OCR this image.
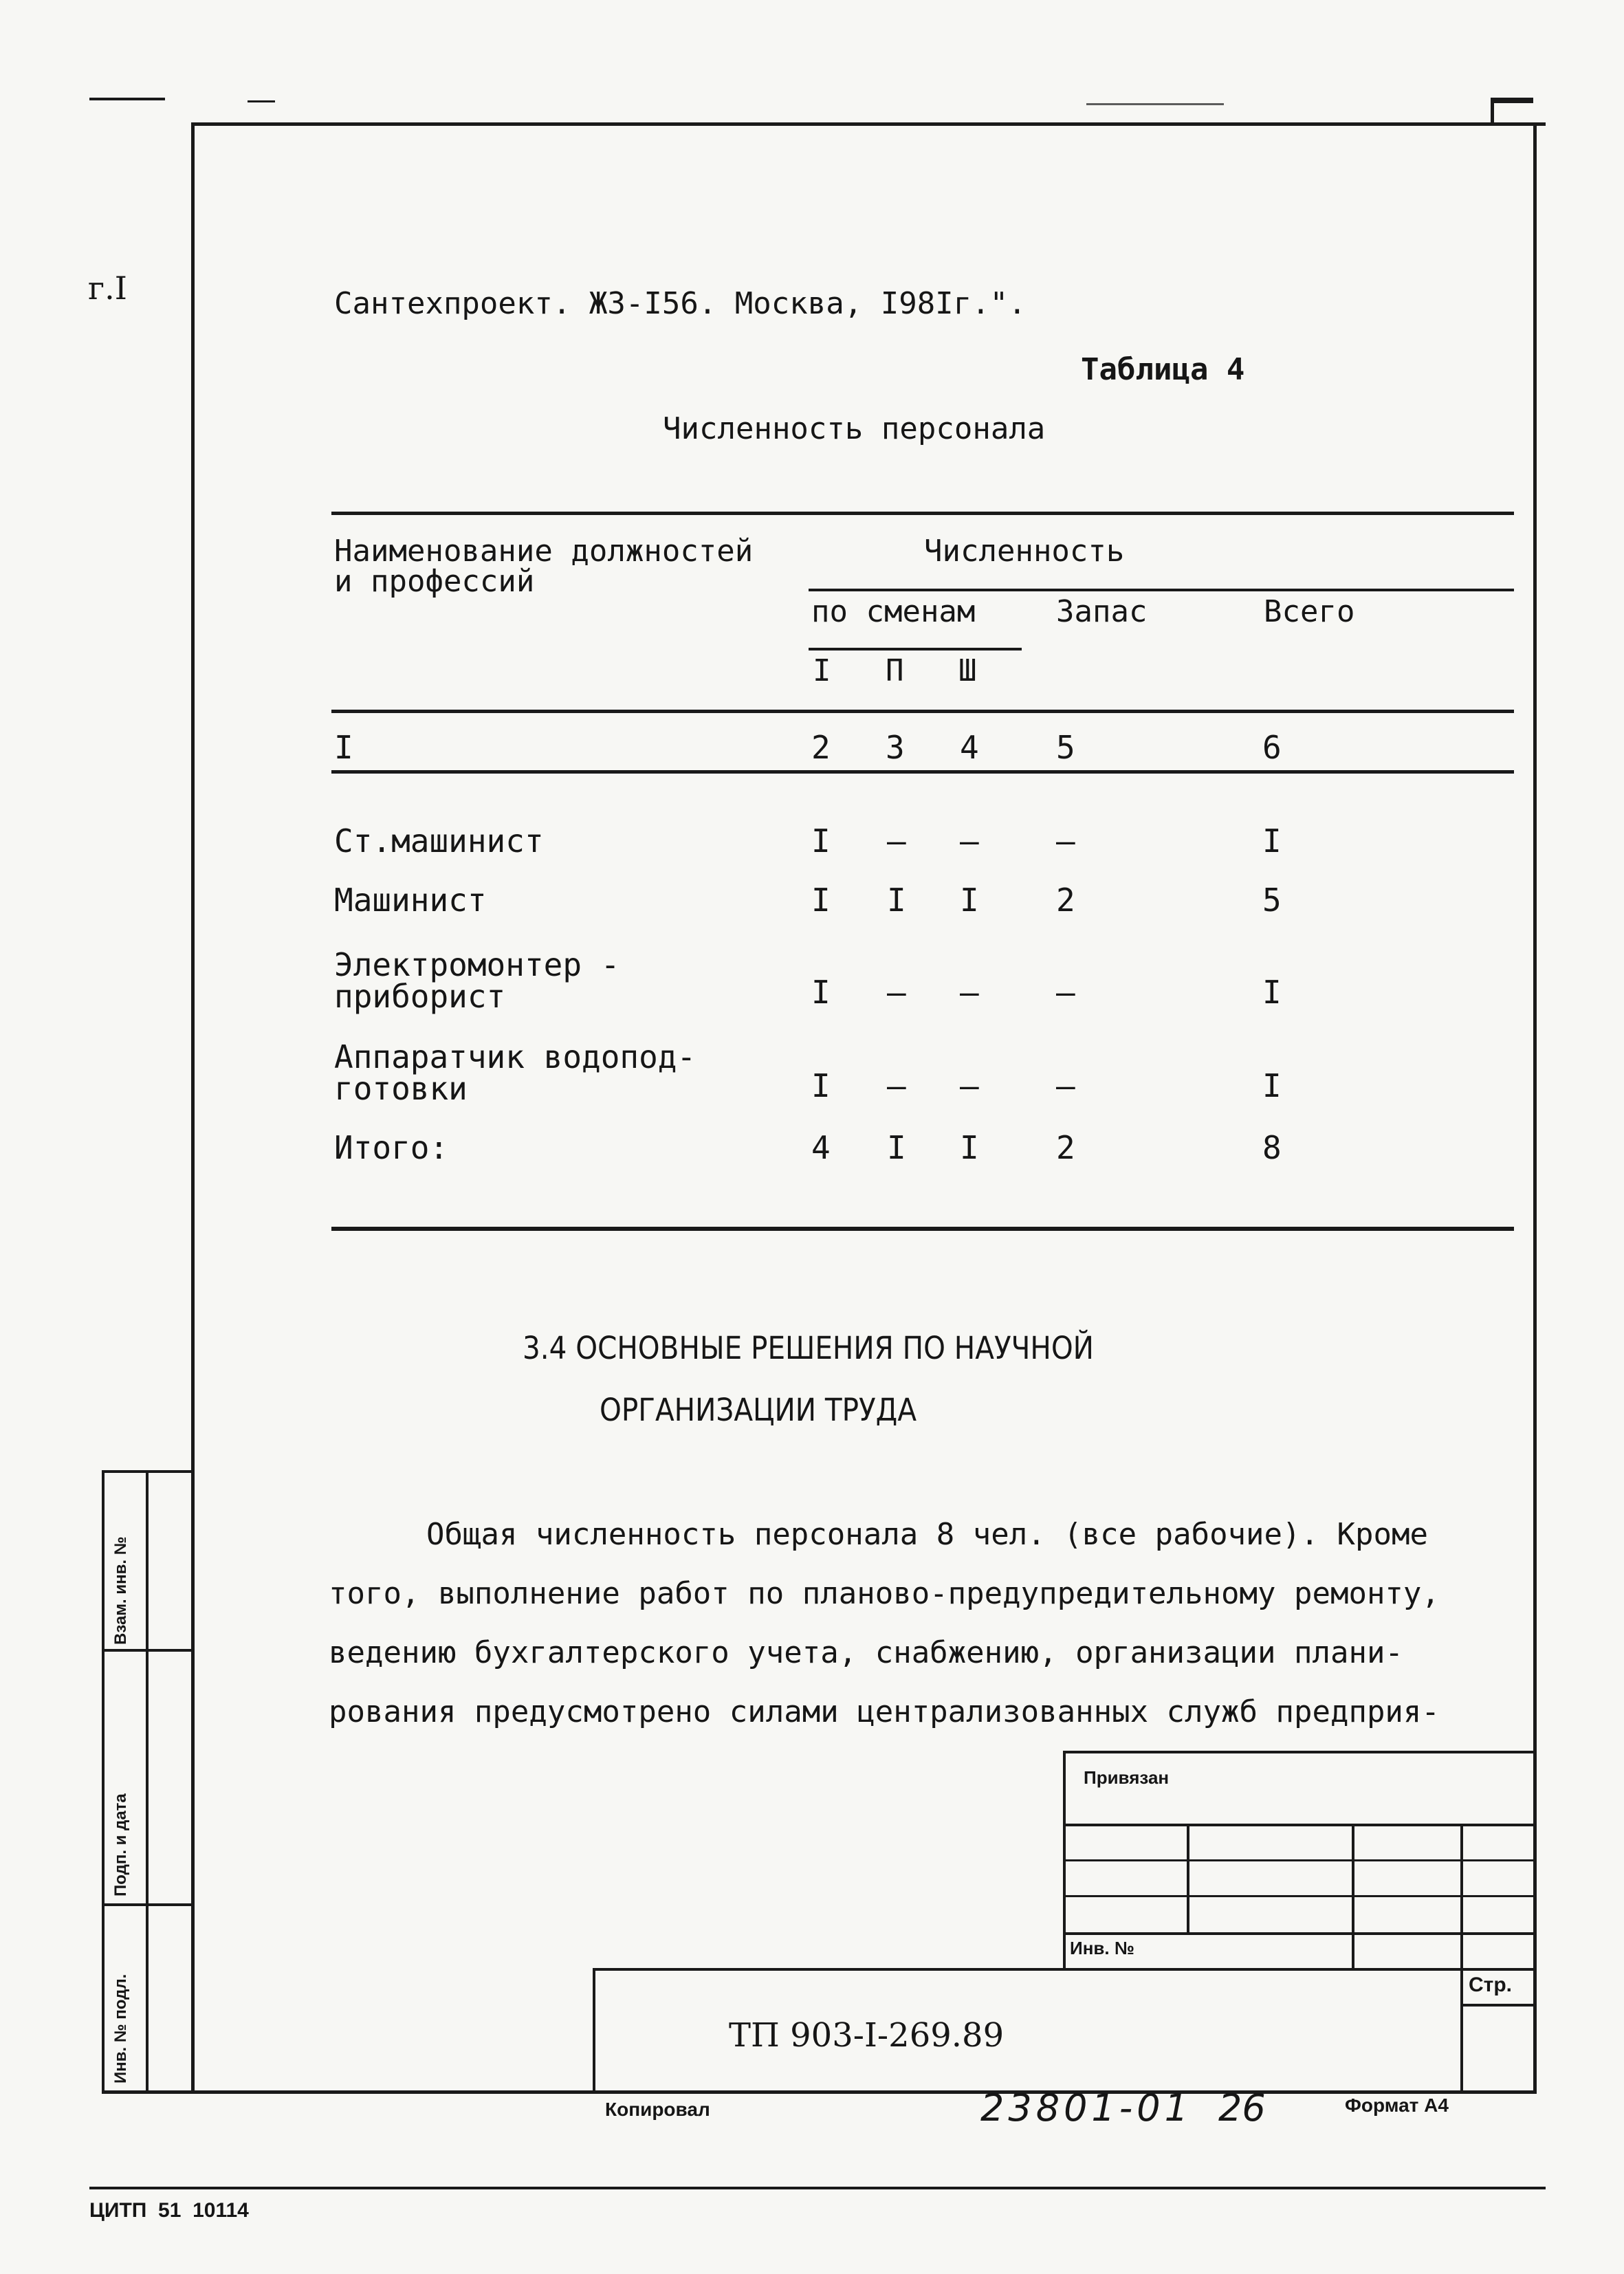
г.I	Сантехпроект. ЖЗ-I56. Москва, I98Iг.".
Таблица 4
Численность персонала
Наименование должностей
и профессий
Численность
по сменам	Запас	Всего
I П Ш
I	2 3 4 5	6
Ст.машинист	I – – –	I
Машинист	I I I 2	5
Электромонтер -
приборист	I – – –	I
Аппаратчик водопод-
готовки	I – – –	I
Итого:	4 I I 2	8
3.4 ОСНОВНЫЕ РЕШЕНИЯ ПО НАУЧНОЙ
ОРГАНИЗАЦИИ ТРУДА
Общая численность персонала 8 чел. (все рабочие). Кроме
того, выполнение работ по планово-предупредительному ремонту,
ведению бухгалтерского учета, снабжению, организации плани-
рования предусмотрено силами централизованных служб предприя-
Привязан
Инв. №
Стр.
ТП 903-I-269.89
Взам. инв. №
Подп. и дата
Инв. № подл.
Копировал	23801-01 26	Формат А4
ЦИТП  51  10114
